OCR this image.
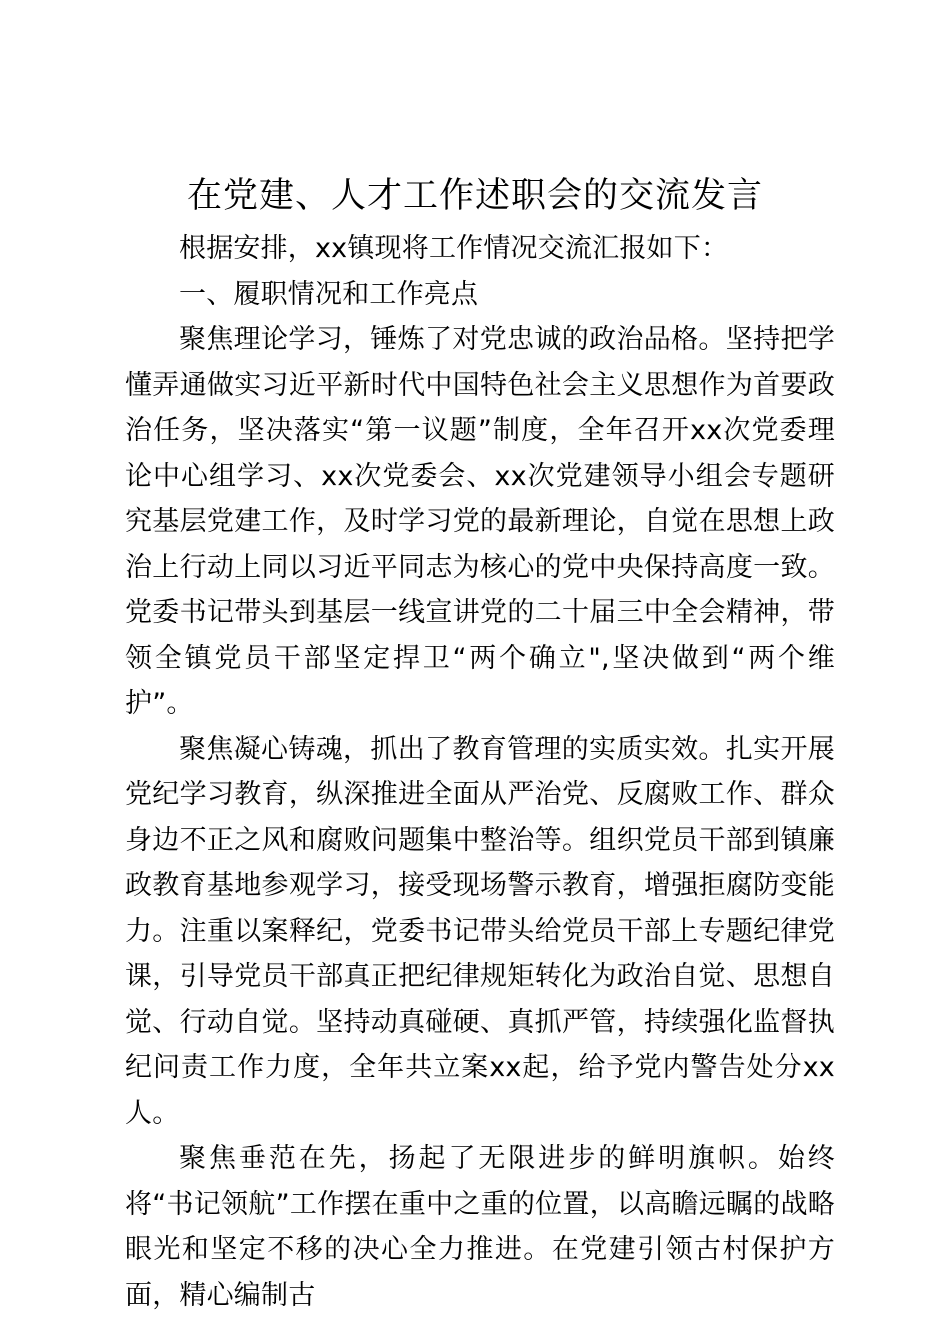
在党建、人才工作述职会的交流发言

根据安排，xx镇现将工作情况交流汇报如下：

一、履职情况和工作亮点

聚焦理论学习，锤炼了对党忠诚的政治品格。坚持把学懂弄通做实习近平新时代中国特色社会主义思想作为首要政治任务，坚决落实“第一议题”制度，全年召开xx次党委理论中心组学习、xx次党委会、xx次党建领导小组会专题研究基层党建工作，及时学习党的最新理论，自觉在思想上政治上行动上同以习近平同志为核心的党中央保持高度一致。党委书记带头到基层一线宣讲党的二十届三中全会精神，带领全镇党员干部坚定捍卫“两个确立",坚决做到“两个维护”。

聚焦凝心铸魂，抓出了教育管理的实质实效。扎实开展党纪学习教育，纵深推进全面从严治党、反腐败工作、群众身边不正之风和腐败问题集中整治等。组织党员干部到镇廉政教育基地参观学习，接受现场警示教育，增强拒腐防变能力。注重以案释纪，党委书记带头给党员干部上专题纪律党课，引导党员干部真正把纪律规矩转化为政治自觉、思想自觉、行动自觉。坚持动真碰硬、真抓严管，持续强化监督执纪问责工作力度，全年共立案xx起，给予党内警告处分xx人。

聚焦垂范在先，扬起了无限进步的鲜明旗帜。始终将“书记领航”工作摆在重中之重的位置，以高瞻远瞩的战略眼光和坚定不移的决心全力推进。在党建引领古村保护方面，精心编制古
